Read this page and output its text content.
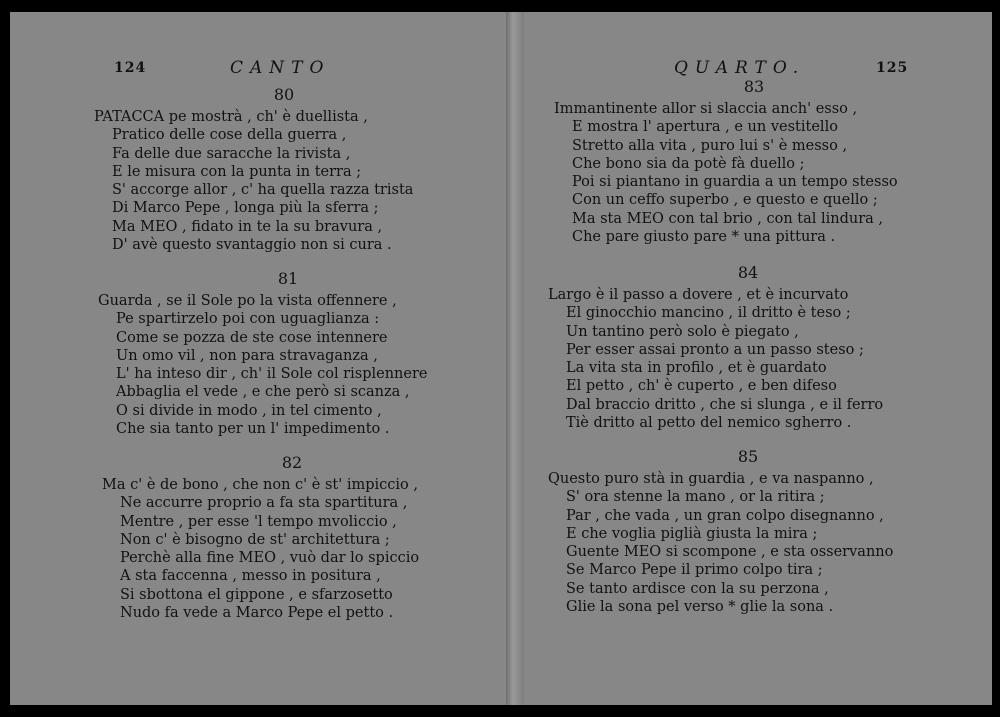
124	CANTO
80
PATACCA pe mostrà , ch' è duellista ,
Pratico delle cose della guerra ,
Fa delle due saracche la rivista ,
E le misura con la punta in terra ;
S' accorge allor , c' ha quella razza trista
Di Marco Pepe , longa più la sferra ;
Ma MEO , fidato in te la su bravura ,
D' avè questo svantaggio non si cura .
81
Guarda , se il Sole po la vista offennere ,
Pe spartirzelo poi con uguaglianza :
Come se pozza de ste cose intennere
Un omo vil , non para stravaganza ,
L' ha inteso dir , ch' il Sole col risplennere
Abbaglia el vede , e che però si scanza ,
O si divide in modo , in tel cimento ,
Che sia tanto per un l' impedimento .
82
Ma c' è de bono , che non c' è st' impiccio ,
Ne accurre proprio a fa sta spartitura ,
Mentre , per esse 'l tempo mvoliccio ,
Non c' è bisogno de st' architettura ;
Perchè alla fine MEO , vuò dar lo spiccio
A sta faccenna , messo in positura ,
Si sbottona el gippone , e sfarzosetto
Nudo fa vede a Marco Pepe el petto .
QUARTO.	125
83
Immantinente allor si slaccia anch' esso ,
E mostra l' apertura , e un vestitello
Stretto alla vita , puro lui s' è messo ,
Che bono sia da potè fà duello ;
Poi si piantano in guardia a un tempo stesso
Con un ceffo superbo , e questo e quello ;
Ma sta MEO con tal brio , con tal lindura ,
Che pare giusto pare * una pittura .
84
Largo è il passo a dovere , et è incurvato
El ginocchio mancino , il dritto è teso ;
Un tantino però solo è piegato ,
Per esser assai pronto a un passo steso ;
La vita sta in profilo , et è guardato
El petto , ch' è cuperto , e ben difeso
Dal braccio dritto , che si slunga , e il ferro
Tiè dritto al petto del nemico sgherro .
85
Questo puro stà in guardia , e va naspanno ,
S' ora stenne la mano , or la ritira ;
Par , che vada , un gran colpo disegnanno ,
E che voglia piglià giusta la mira ;
Guente MEO si scompone , e sta osservanno
Se Marco Pepe il primo colpo tira ;
Se tanto ardisce con la su perzona ,
Glie la sona pel verso * glie la sona .
